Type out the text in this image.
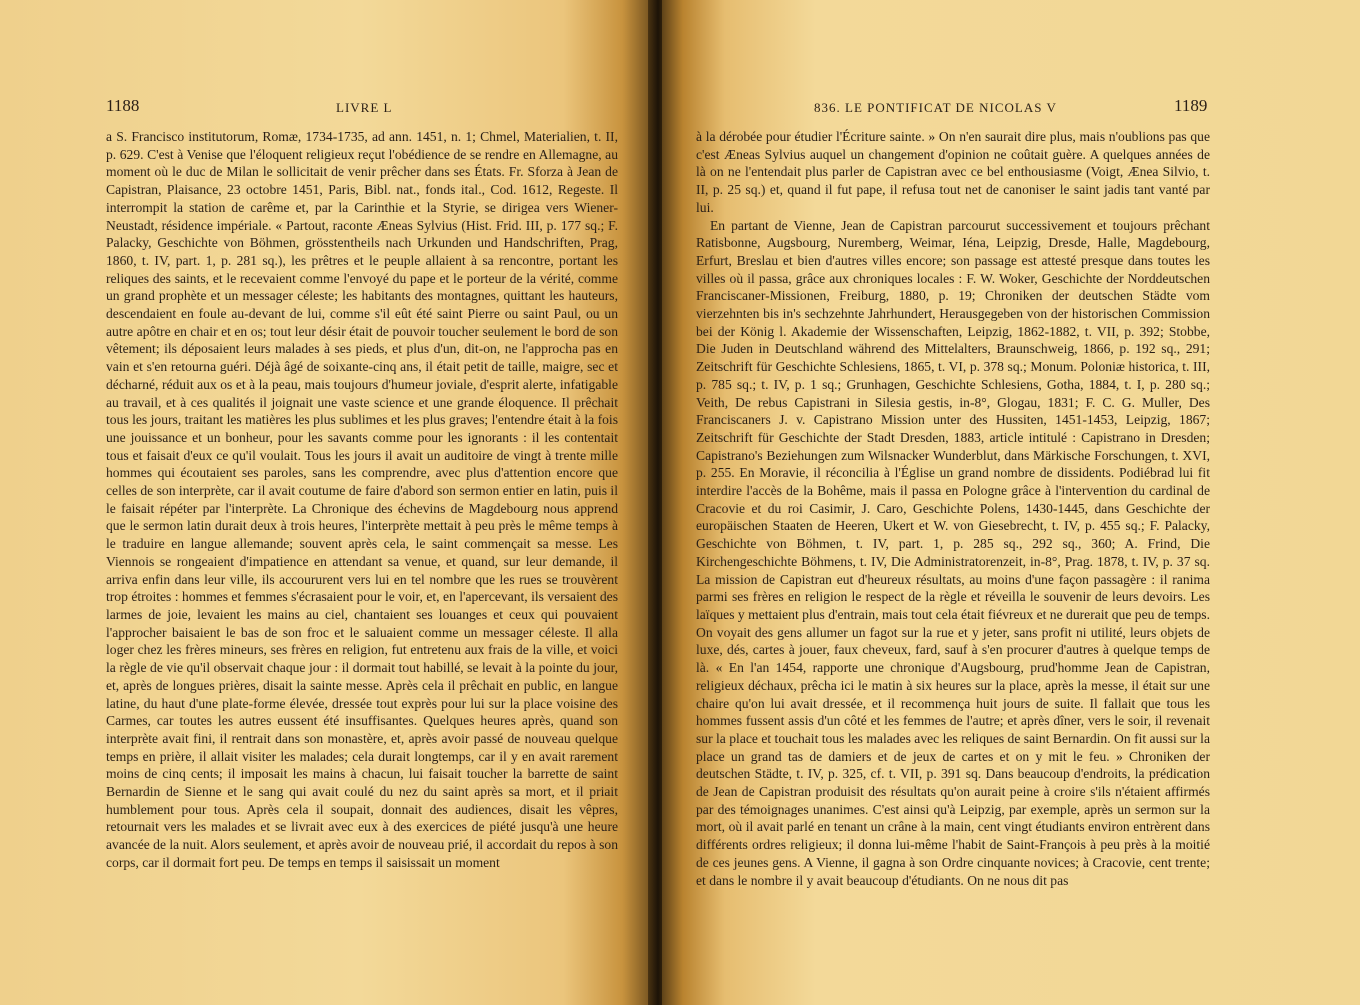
1188	LIVRE L

a S. Francisco institutorum, Romæ, 1734-1735, ad ann. 1451, n. 1; Chmel, Materialien, t. II, p. 629. C'est à Venise que l'éloquent religieux reçut l'obédience de se rendre en Allemagne, au moment où le duc de Milan le sollicitait de venir prêcher dans ses États. Fr. Sforza à Jean de Capistran, Plaisance, 23 octobre 1451, Paris, Bibl. nat., fonds ital., Cod. 1612, Regeste. Il interrompit la station de carême et, par la Carinthie et la Styrie, se dirigea vers Wiener-Neustadt, résidence impériale. « Partout, raconte Æneas Sylvius (Hist. Frid. III, p. 177 sq.; F. Palacky, Geschichte von Böhmen, grösstentheils nach Urkunden und Handschriften, Prag, 1860, t. IV, part. 1, p. 281 sq.), les prêtres et le peuple allaient à sa rencontre, portant les reliques des saints, et le recevaient comme l'envoyé du pape et le porteur de la vérité, comme un grand prophète et un messager céleste; les habitants des montagnes, quittant les hauteurs, descendaient en foule au-devant de lui, comme s'il eût été saint Pierre ou saint Paul, ou un autre apôtre en chair et en os; tout leur désir était de pouvoir toucher seulement le bord de son vêtement; ils déposaient leurs malades à ses pieds, et plus d'un, dit-on, ne l'approcha pas en vain et s'en retourna guéri. Déjà âgé de soixante-cinq ans, il était petit de taille, maigre, sec et décharné, réduit aux os et à la peau, mais toujours d'humeur joviale, d'esprit alerte, infatigable au travail, et à ces qualités il joignait une vaste science et une grande éloquence. Il prêchait tous les jours, traitant les matières les plus sublimes et les plus graves; l'entendre était à la fois une jouissance et un bonheur, pour les savants comme pour les ignorants : il les contentait tous et faisait d'eux ce qu'il voulait. Tous les jours il avait un auditoire de vingt à trente mille hommes qui écoutaient ses paroles, sans les comprendre, avec plus d'attention encore que celles de son interprète, car il avait coutume de faire d'abord son sermon entier en latin, puis il le faisait répéter par l'interprète. La Chronique des échevins de Magdebourg nous apprend que le sermon latin durait deux à trois heures, l'interprète mettait à peu près le même temps à le traduire en langue allemande; souvent après cela, le saint commençait sa messe. Les Viennois se rongeaient d'impatience en attendant sa venue, et quand, sur leur demande, il arriva enfin dans leur ville, ils accoururent vers lui en tel nombre que les rues se trouvèrent trop étroites : hommes et femmes s'écrasaient pour le voir, et, en l'apercevant, ils versaient des larmes de joie, levaient les mains au ciel, chantaient ses louanges et ceux qui pouvaient l'approcher baisaient le bas de son froc et le saluaient comme un messager céleste. Il alla loger chez les frères mineurs, ses frères en religion, fut entretenu aux frais de la ville, et voici la règle de vie qu'il observait chaque jour : il dormait tout habillé, se levait à la pointe du jour, et, après de longues prières, disait la sainte messe. Après cela il prêchait en public, en langue latine, du haut d'une plate-forme élevée, dressée tout exprès pour lui sur la place voisine des Carmes, car toutes les autres eussent été insuffisantes. Quelques heures après, quand son interprète avait fini, il rentrait dans son monastère, et, après avoir passé de nouveau quelque temps en prière, il allait visiter les malades; cela durait longtemps, car il y en avait rarement moins de cinq cents; il imposait les mains à chacun, lui faisait toucher la barrette de saint Bernardin de Sienne et le sang qui avait coulé du nez du saint après sa mort, et il priait humblement pour tous. Après cela il soupait, donnait des audiences, disait les vêpres, retournait vers les malades et se livrait avec eux à des exercices de piété jusqu'à une heure avancée de la nuit. Alors seulement, et après avoir de nouveau prié, il accordait du repos à son corps, car il dormait fort peu. De temps en temps il saisissait un moment

836. LE PONTIFICAT DE NICOLAS V	1189

à la dérobée pour étudier l'Écriture sainte. » On n'en saurait dire plus, mais n'oublions pas que c'est Æneas Sylvius auquel un changement d'opinion ne coûtait guère. A quelques années de là on ne l'entendait plus parler de Capistran avec ce bel enthousiasme (Voigt, Ænea Silvio, t. II, p. 25 sq.) et, quand il fut pape, il refusa tout net de canoniser le saint jadis tant vanté par lui.

En partant de Vienne, Jean de Capistran parcourut successivement et toujours prêchant Ratisbonne, Augsbourg, Nuremberg, Weimar, Iéna, Leipzig, Dresde, Halle, Magdebourg, Erfurt, Breslau et bien d'autres villes encore; son passage est attesté presque dans toutes les villes où il passa, grâce aux chroniques locales : F. W. Woker, Geschichte der Norddeutschen Franciscaner-Missionen, Freiburg, 1880, p. 19; Chroniken der deutschen Städte vom vierzehnten bis in's sechzehnte Jahrhundert, Herausgegeben von der historischen Commission bei der König l. Akademie der Wissenschaften, Leipzig, 1862-1882, t. VII, p. 392; Stobbe, Die Juden in Deutschland während des Mittelalters, Braunschweig, 1866, p. 192 sq., 291; Zeitschrift für Geschichte Schlesiens, 1865, t. VI, p. 378 sq.; Monum. Poloniæ historica, t. III, p. 785 sq.; t. IV, p. 1 sq.; Grunhagen, Geschichte Schlesiens, Gotha, 1884, t. I, p. 280 sq.; Veith, De rebus Capistrani in Silesia gestis, in-8°, Glogau, 1831; F. C. G. Muller, Des Franciscaners J. v. Capistrano Mission unter des Hussiten, 1451-1453, Leipzig, 1867; Zeitschrift für Geschichte der Stadt Dresden, 1883, article intitulé : Capistrano in Dresden; Capistrano's Beziehungen zum Wilsnacker Wunderblut, dans Märkische Forschungen, t. XVI, p. 255. En Moravie, il réconcilia à l'Église un grand nombre de dissidents. Podiébrad lui fit interdire l'accès de la Bohême, mais il passa en Pologne grâce à l'intervention du cardinal de Cracovie et du roi Casimir, J. Caro, Geschichte Polens, 1430-1445, dans Geschichte der europäischen Staaten de Heeren, Ukert et W. von Giesebrecht, t. IV, p. 455 sq.; F. Palacky, Geschichte von Böhmen, t. IV, part. 1, p. 285 sq., 292 sq., 360; A. Frind, Die Kirchengeschichte Böhmens, t. IV, Die Administratorenzeit, in-8°, Prag. 1878, t. IV, p. 37 sq. La mission de Capistran eut d'heureux résultats, au moins d'une façon passagère : il ranima parmi ses frères en religion le respect de la règle et réveilla le souvenir de leurs devoirs. Les laïques y mettaient plus d'entrain, mais tout cela était fiévreux et ne durerait que peu de temps. On voyait des gens allumer un fagot sur la rue et y jeter, sans profit ni utilité, leurs objets de luxe, dés, cartes à jouer, faux cheveux, fard, sauf à s'en procurer d'autres à quelque temps de là. « En l'an 1454, rapporte une chronique d'Augsbourg, prud'homme Jean de Capistran, religieux déchaux, prêcha ici le matin à six heures sur la place, après la messe, il était sur une chaire qu'on lui avait dressée, et il recommença huit jours de suite. Il fallait que tous les hommes fussent assis d'un côté et les femmes de l'autre; et après dîner, vers le soir, il revenait sur la place et touchait tous les malades avec les reliques de saint Bernardin. On fit aussi sur la place un grand tas de damiers et de jeux de cartes et on y mit le feu. » Chroniken der deutschen Städte, t. IV, p. 325, cf. t. VII, p. 391 sq. Dans beaucoup d'endroits, la prédication de Jean de Capistran produisit des résultats qu'on aurait peine à croire s'ils n'étaient affirmés par des témoignages unanimes. C'est ainsi qu'à Leipzig, par exemple, après un sermon sur la mort, où il avait parlé en tenant un crâne à la main, cent vingt étudiants environ entrèrent dans différents ordres religieux; il donna lui-même l'habit de Saint-François à peu près à la moitié de ces jeunes gens. A Vienne, il gagna à son Ordre cinquante novices; à Cracovie, cent trente; et dans le nombre il y avait beaucoup d'étudiants. On ne nous dit pas
